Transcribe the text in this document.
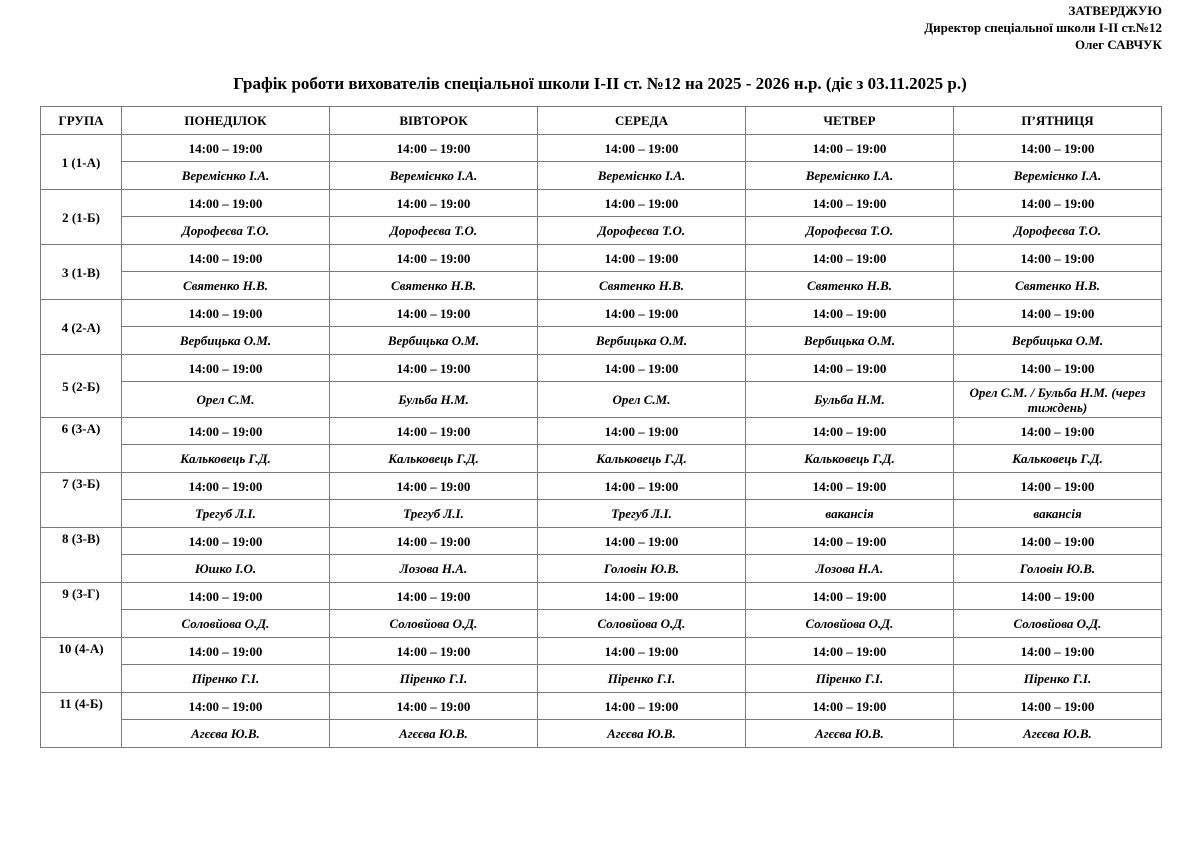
ЗАТВЕРДЖУЮ
Директор спеціальної школи І-ІІ ст.№12
Олег САВЧУК
Графік роботи вихователів спеціальної школи І-ІІ ст. №12 на 2025 - 2026 н.р. (діє з 03.11.2025 р.)
ГРУПА	ПОНЕДІЛОК	ВІВТОРОК	СЕРЕДА	ЧЕТВЕР	П’ЯТНИЦЯ
1 (1-А)	14:00 – 19:00	14:00 – 19:00	14:00 – 19:00	14:00 – 19:00	14:00 – 19:00
	Веремієнко І.А.	Веремієнко І.А.	Веремієнко І.А.	Веремієнко І.А.	Веремієнко І.А.
2 (1-Б)	14:00 – 19:00	14:00 – 19:00	14:00 – 19:00	14:00 – 19:00	14:00 – 19:00
	Дорофеєва Т.О.	Дорофеєва Т.О.	Дорофеєва Т.О.	Дорофеєва Т.О.	Дорофеєва Т.О.
3 (1-В)	14:00 – 19:00	14:00 – 19:00	14:00 – 19:00	14:00 – 19:00	14:00 – 19:00
	Святенко Н.В.	Святенко Н.В.	Святенко Н.В.	Святенко Н.В.	Святенко Н.В.
4 (2-А)	14:00 – 19:00	14:00 – 19:00	14:00 – 19:00	14:00 – 19:00	14:00 – 19:00
	Вербицька О.М.	Вербицька О.М.	Вербицька О.М.	Вербицька О.М.	Вербицька О.М.
5 (2-Б)	14:00 – 19:00	14:00 – 19:00	14:00 – 19:00	14:00 – 19:00	14:00 – 19:00
	Орел С.М.	Бульба Н.М.	Орел С.М.	Бульба Н.М.	Орел С.М. / Бульба Н.М. (через тиждень)
6 (3-А)	14:00 – 19:00	14:00 – 19:00	14:00 – 19:00	14:00 – 19:00	14:00 – 19:00
	Кальковець Г.Д.	Кальковець Г.Д.	Кальковець Г.Д.	Кальковець Г.Д.	Кальковець Г.Д.
7 (3-Б)	14:00 – 19:00	14:00 – 19:00	14:00 – 19:00	14:00 – 19:00	14:00 – 19:00
	Трегуб Л.І.	Трегуб Л.І.	Трегуб Л.І.	вакансія	вакансія
8 (3-В)	14:00 – 19:00	14:00 – 19:00	14:00 – 19:00	14:00 – 19:00	14:00 – 19:00
	Юшко І.О.	Лозова Н.А.	Головін Ю.В.	Лозова Н.А.	Головін Ю.В.
9 (3-Г)	14:00 – 19:00	14:00 – 19:00	14:00 – 19:00	14:00 – 19:00	14:00 – 19:00
	Соловйова О.Д.	Соловйова О.Д.	Соловйова О.Д.	Соловйова О.Д.	Соловйова О.Д.
10 (4-А)	14:00 – 19:00	14:00 – 19:00	14:00 – 19:00	14:00 – 19:00	14:00 – 19:00
	Піренко Г.І.	Піренко Г.І.	Піренко Г.І.	Піренко Г.І.	Піренко Г.І.
11 (4-Б)	14:00 – 19:00	14:00 – 19:00	14:00 – 19:00	14:00 – 19:00	14:00 – 19:00
	Агєєва Ю.В.	Агєєва Ю.В.	Агєєва Ю.В.	Агєєва Ю.В.	Агєєва Ю.В.
